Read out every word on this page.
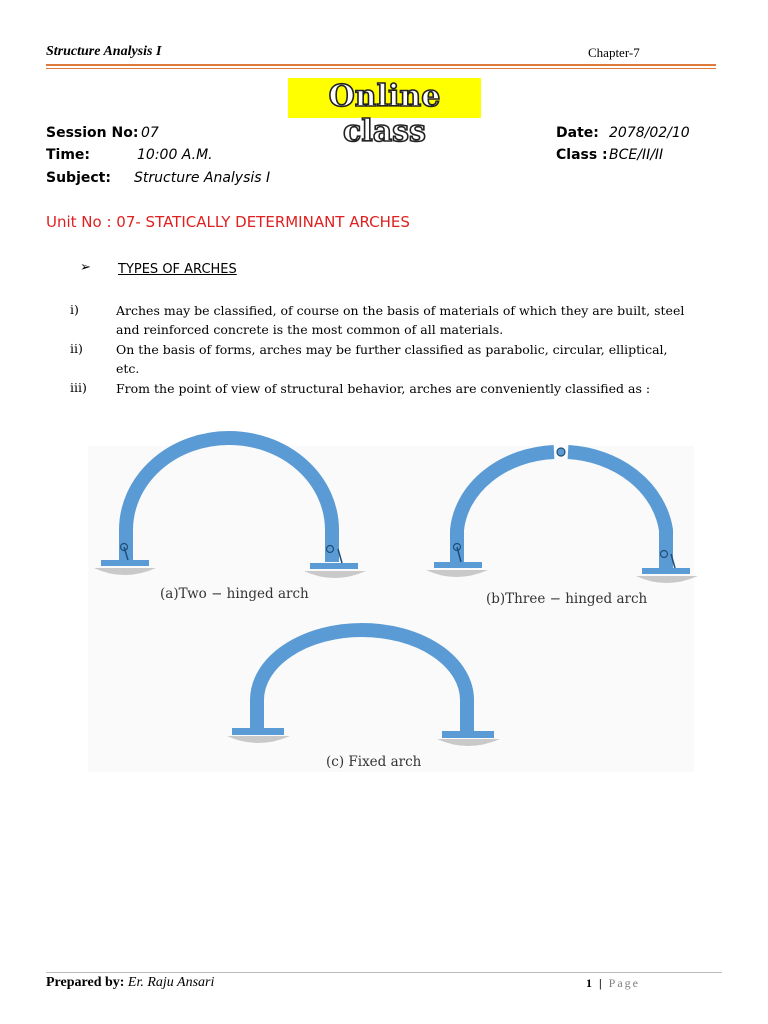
Structure Analysis I	Chapter-7
Online class
Session No: 07	Date: 2078/02/10
Time:	10:00 A.M.	Class : BCE/II/II
Subject: Structure Analysis I
Unit No : 07- STATICALLY DETERMINANT ARCHES
➢ TYPES OF ARCHES
i)	Arches may be classified, of course on the basis of materials of which they are built, steel
and reinforced concrete is the most common of all materials.
ii)	On the basis of forms, arches may be further classified as parabolic, circular, elliptical,
etc.
iii) From the point of view of structural behavior, arches are conveniently classified as :
(a)Two − hinged arch	(b)Three − hinged arch
(c) Fixed arch
Prepared by: Er. Raju Ansari	1 | Page
